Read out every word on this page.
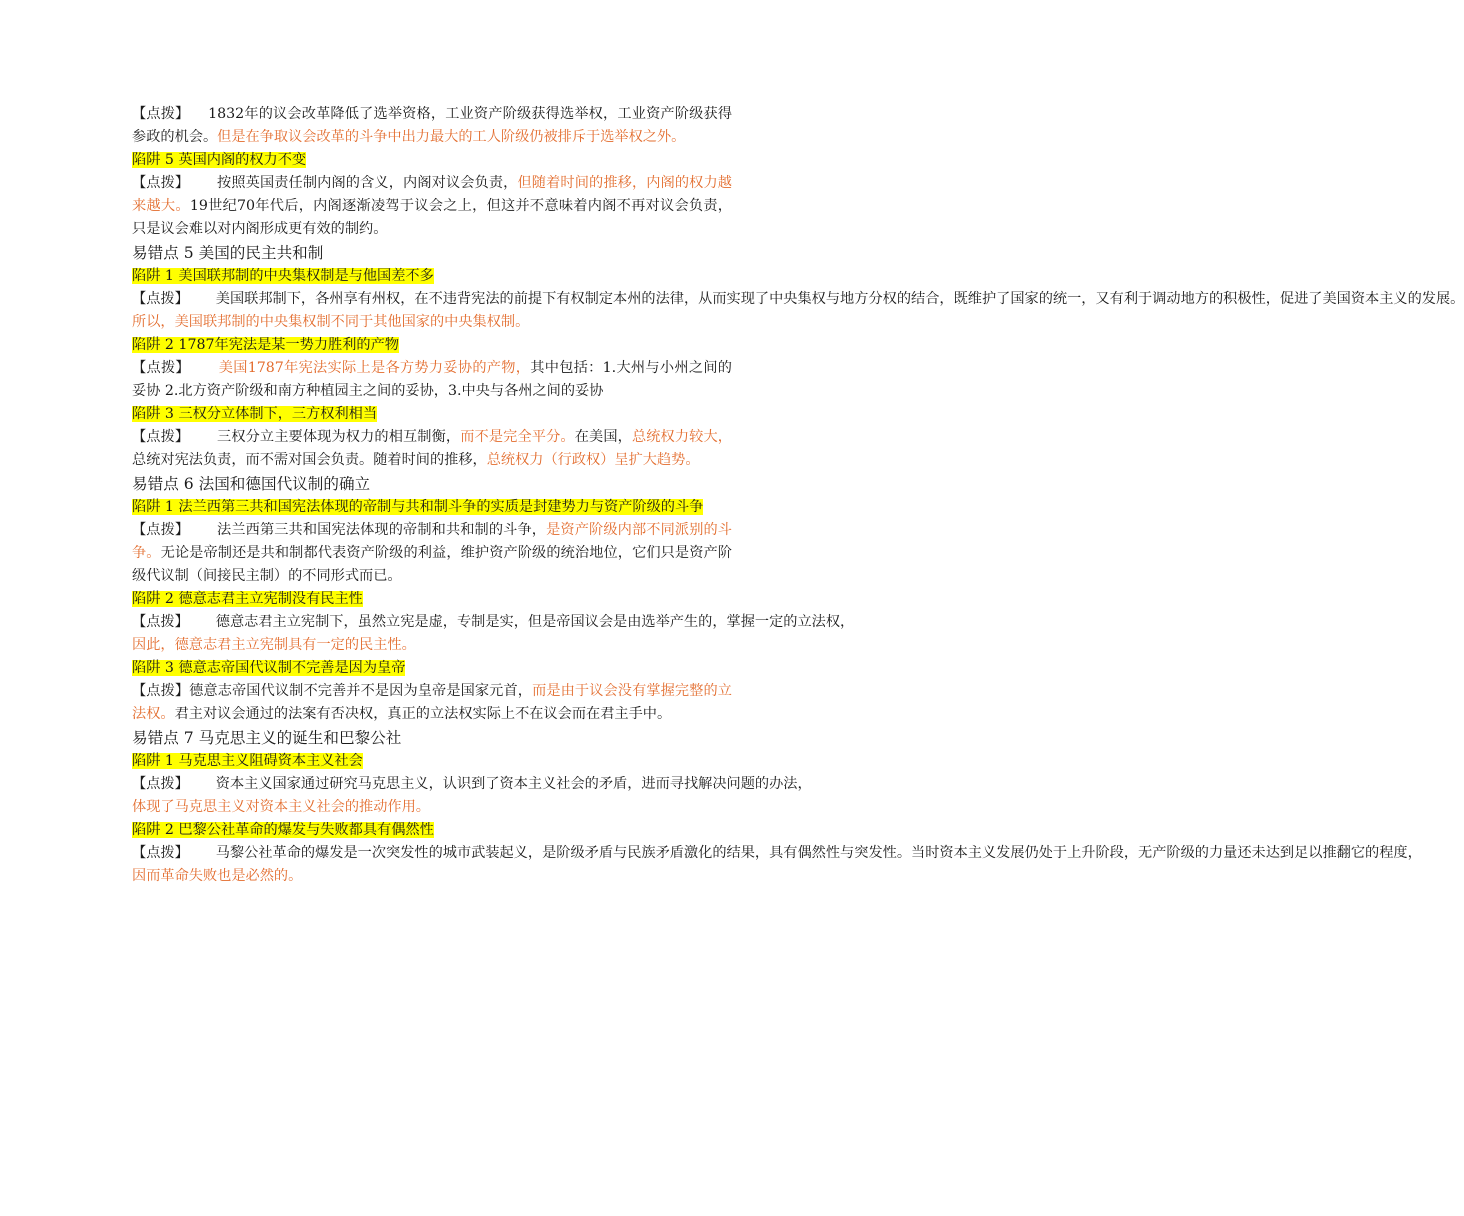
【点拨】    1832年的议会改革降低了选举资格，工业资产阶级获得选举权，工业资产阶级获得参政的机会。但是在争取议会改革的斗争中出力最大的工人阶级仍被排斥于选举权之外。

陷阱 5 英国内阁的权力不变

【点拨】      按照英国责任制内阁的含义，内阁对议会负责，但随着时间的推移，内阁的权力越来越大。19世纪70年代后，内阁逐渐凌驾于议会之上，但这并不意味着内阁不再对议会负责，只是议会难以对内阁形成更有效的制约。

易错点 5 美国的民主共和制

陷阱 1 美国联邦制的中央集权制是与他国差不多

【点拨】      美国联邦制下，各州享有州权，在不违背宪法的前提下有权制定本州的法律，从而实现了中央集权与地方分权的结合，既维护了国家的统一，又有利于调动地方的积极性，促进了美国资本主义的发展。所以，美国联邦制的中央集权制不同于其他国家的中央集权制。

陷阱 2 1787年宪法是某一势力胜利的产物

【点拨】      美国1787年宪法实际上是各方势力妥协的产物，其中包括：1.大州与小州之间的妥协 2.北方资产阶级和南方种植园主之间的妥协，3.中央与各州之间的妥协

陷阱 3 三权分立体制下，三方权利相当

【点拨】      三权分立主要体现为权力的相互制衡，而不是完全平分。在美国，总统权力较大，总统对宪法负责，而不需对国会负责。随着时间的推移，总统权力（行政权）呈扩大趋势。

易错点 6 法国和德国代议制的确立

陷阱 1 法兰西第三共和国宪法体现的帝制与共和制斗争的实质是封建势力与资产阶级的斗争

【点拨】      法兰西第三共和国宪法体现的帝制和共和制的斗争，是资产阶级内部不同派别的斗争。无论是帝制还是共和制都代表资产阶级的利益，维护资产阶级的统治地位，它们只是资产阶级代议制（间接民主制）的不同形式而已。

陷阱 2 德意志君主立宪制没有民主性

【点拨】      德意志君主立宪制下，虽然立宪是虚，专制是实，但是帝国议会是由选举产生的，掌握一定的立法权，因此，德意志君主立宪制具有一定的民主性。

陷阱 3 德意志帝国代议制不完善是因为皇帝

【点拨】德意志帝国代议制不完善并不是因为皇帝是国家元首，而是由于议会没有掌握完整的立法权。君主对议会通过的法案有否决权，真正的立法权实际上不在议会而在君主手中。

易错点 7 马克思主义的诞生和巴黎公社

陷阱 1 马克思主义阻碍资本主义社会

【点拨】      资本主义国家通过研究马克思主义，认识到了资本主义社会的矛盾，进而寻找解决问题的办法，体现了马克思主义对资本主义社会的推动作用。

陷阱 2 巴黎公社革命的爆发与失败都具有偶然性

【点拨】      马黎公社革命的爆发是一次突发性的城市武装起义，是阶级矛盾与民族矛盾激化的结果，具有偶然性与突发性。当时资本主义发展仍处于上升阶段，无产阶级的力量还未达到足以推翻它的程度，因而革命失败也是必然的。
